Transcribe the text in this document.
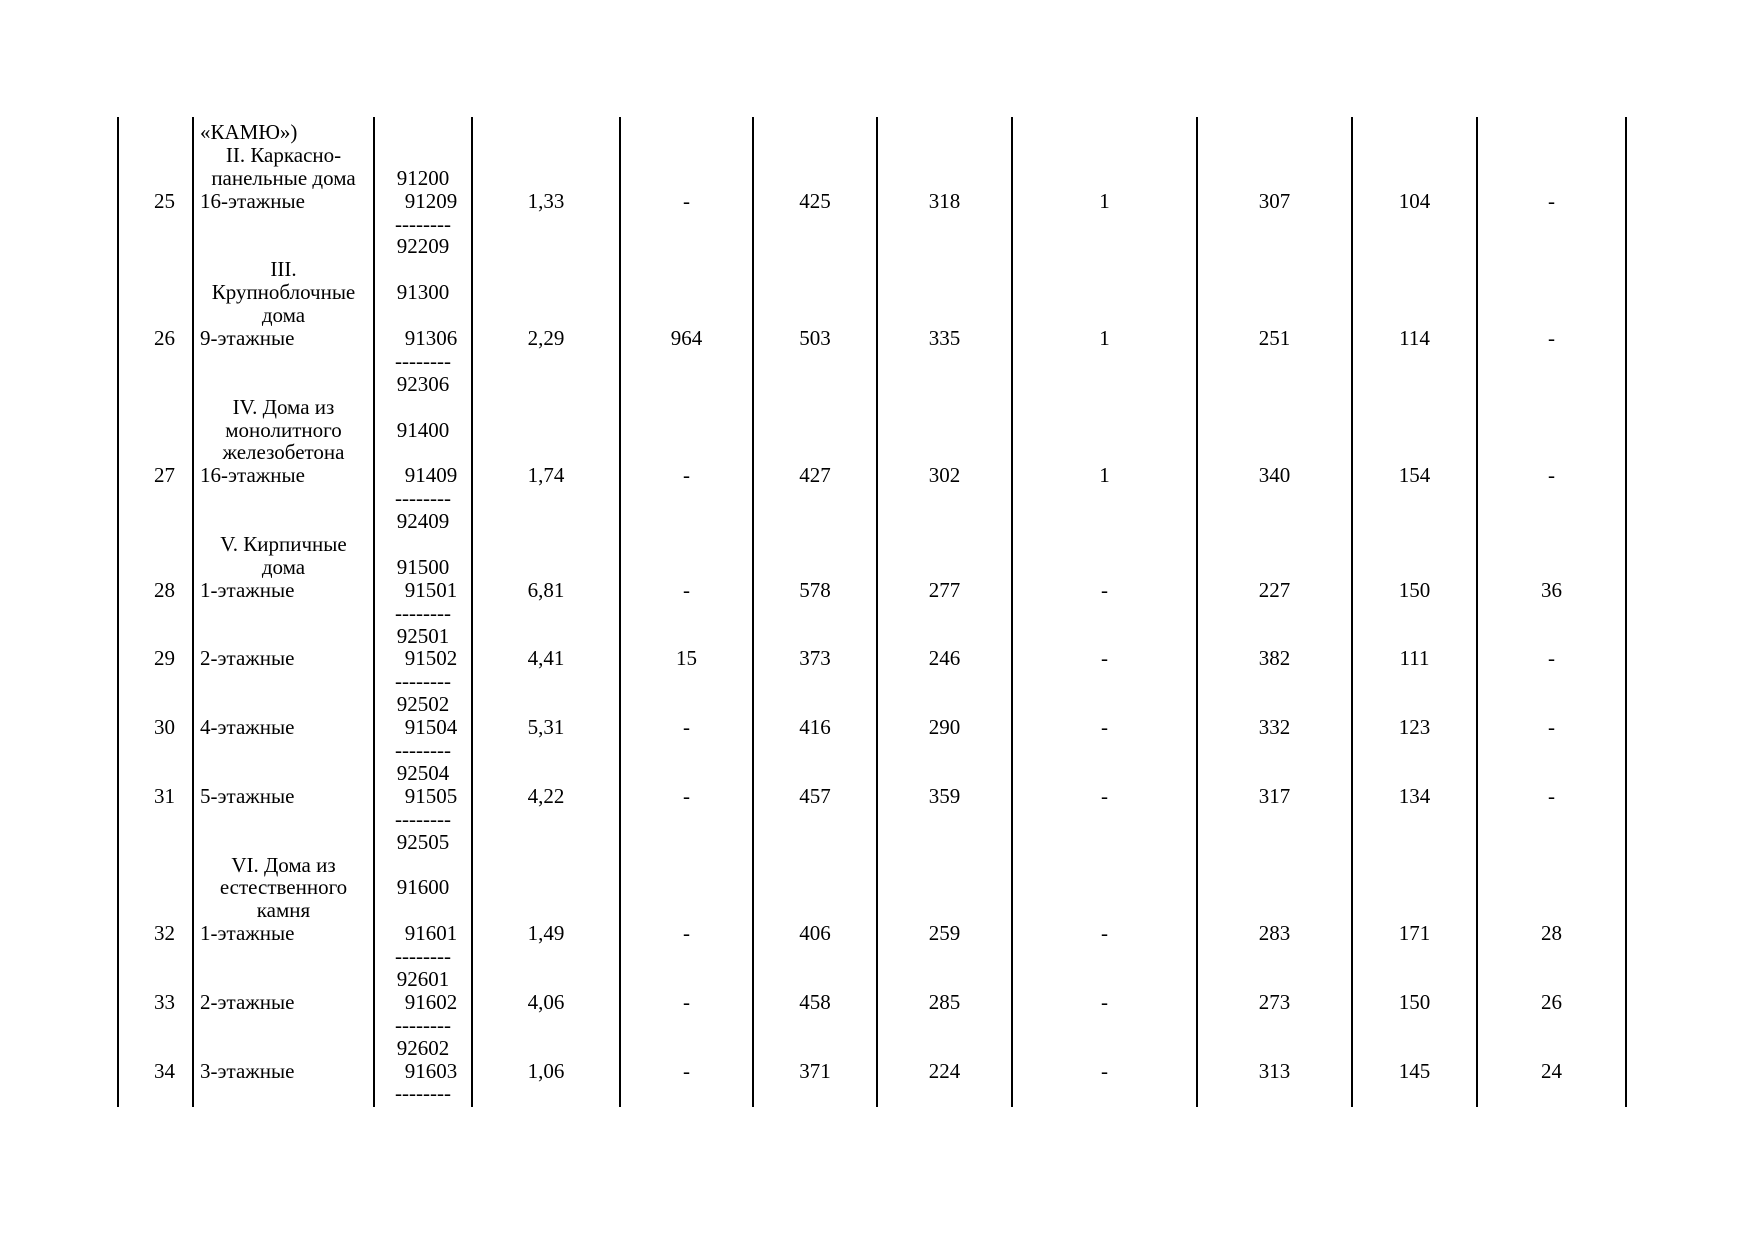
«КАМЮ»)
II. Каркасно-
панельные дома	91200
25	16-этажные	91209	1,33	-	425	318	1	307	104	-
--------
92209
III.
Крупноблочные	91300
дома
26	9-этажные	91306	2,29	964	503	335	1	251	114	-
--------
92306
IV. Дома из
монолитного	91400
железобетона
27	16-этажные	91409	1,74	-	427	302	1	340	154	-
--------
92409
V. Кирпичные
дома	91500
28	1-этажные	91501	6,81	-	578	277	-	227	150	36
--------
92501
29	2-этажные	91502	4,41	15	373	246	-	382	111	-
--------
92502
30	4-этажные	91504	5,31	-	416	290	-	332	123	-
--------
92504
31	5-этажные	91505	4,22	-	457	359	-	317	134	-
--------
92505
VI. Дома из
естественного	91600
камня
32	1-этажные	91601	1,49	-	406	259	-	283	171	28
--------
92601
33	2-этажные	91602	4,06	-	458	285	-	273	150	26
--------
92602
34	3-этажные	91603	1,06	-	371	224	-	313	145	24
--------
